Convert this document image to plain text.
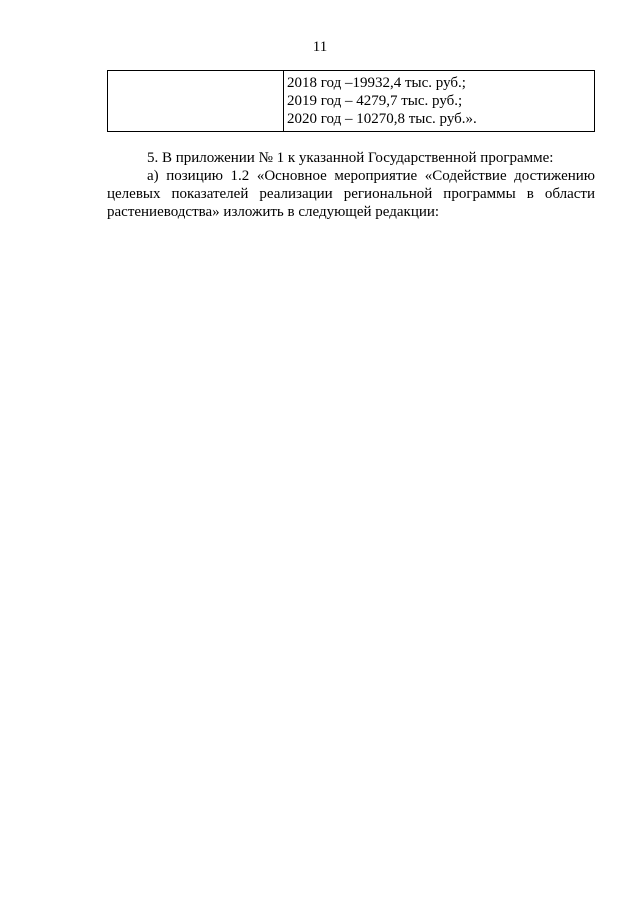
11

2018 год –19932,4 тыс. руб.;
2019 год – 4279,7 тыс. руб.;
2020 год – 10270,8 тыс. руб.».

5. В приложении № 1 к указанной Государственной программе:

а) позицию 1.2 «Основное мероприятие «Содействие достижению целевых показателей реализации региональной программы в области растениеводства» изложить в следующей редакции:
